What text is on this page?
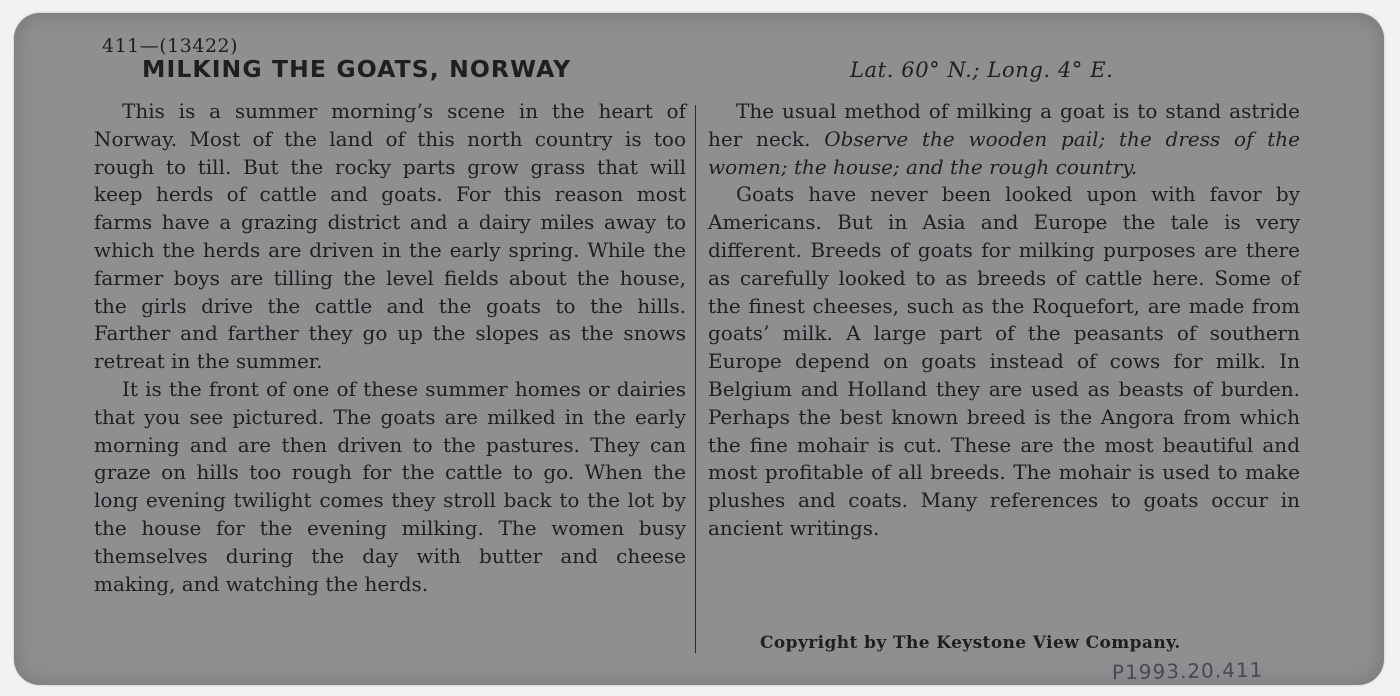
411—(13422)
MILKING THE GOATS, NORWAY	Lat. 60° N.; Long. 4° E.

This is a summer morning’s scene in the heart of Norway. Most of the land of this north country is too rough to till. But the rocky parts grow grass that will keep herds of cattle and goats. For this reason most farms have a grazing district and a dairy miles away to which the herds are driven in the early spring. While the farmer boys are tilling the level fields about the house, the girls drive the cattle and the goats to the hills. Farther and farther they go up the slopes as the snows retreat in the summer.

It is the front of one of these summer homes or dairies that you see pictured. The goats are milked in the early morning and are then driven to the pastures. They can graze on hills too rough for the cattle to go. When the long evening twilight comes they stroll back to the lot by the house for the evening milking. The women busy themselves during the day with butter and cheese making, and watching the herds.

The usual method of milking a goat is to stand astride her neck. Observe the wooden pail; the dress of the women; the house; and the rough country.

Goats have never been looked upon with favor by Americans. But in Asia and Europe the tale is very different. Breeds of goats for milking purposes are there as carefully looked to as breeds of cattle here. Some of the finest cheeses, such as the Roquefort, are made from goats’ milk. A large part of the peasants of southern Europe depend on goats instead of cows for milk. In Belgium and Holland they are used as beasts of burden. Perhaps the best known breed is the Angora from which the fine mohair is cut. These are the most beautiful and most profitable of all breeds. The mohair is used to make plushes and coats. Many references to goats occur in ancient writings.

Copyright by The Keystone View Company.
P1993.20.411
